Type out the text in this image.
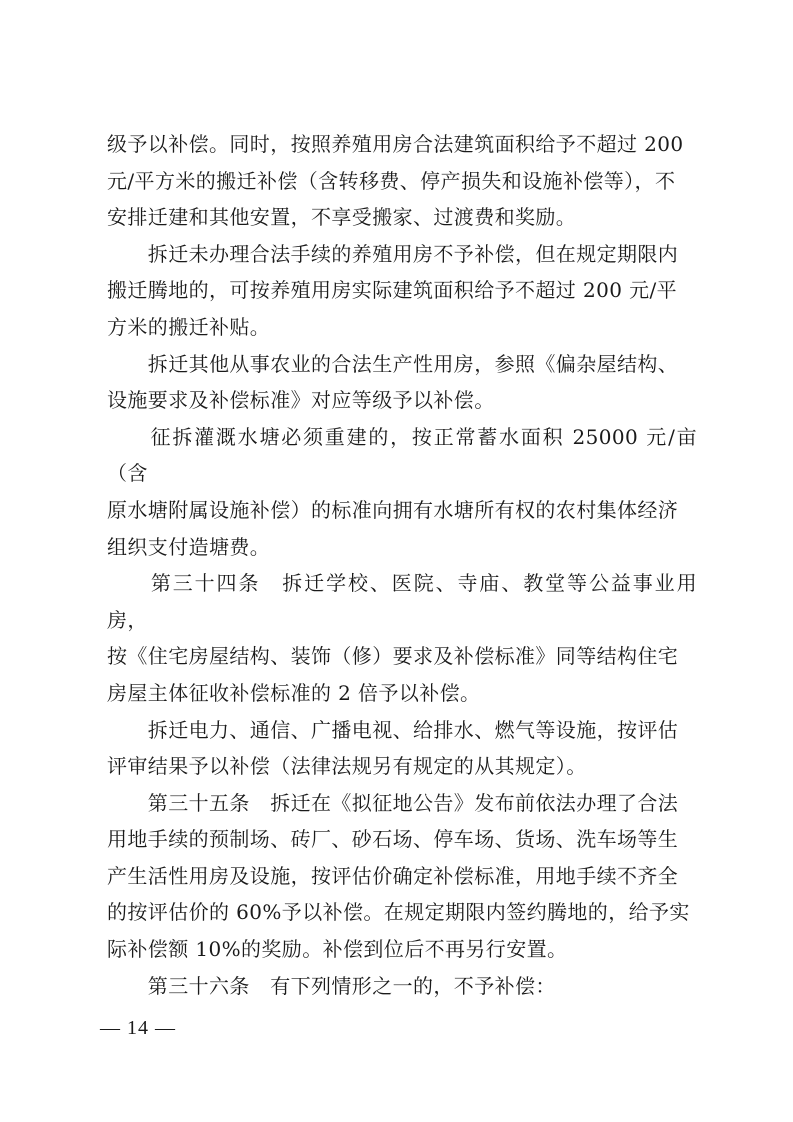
级予以补偿。同时，按照养殖用房合法建筑面积给予不超过 200
元/平方米的搬迁补偿（含转移费、停产损失和设施补偿等），不
安排迁建和其他安置，不享受搬家、过渡费和奖励。

　　拆迁未办理合法手续的养殖用房不予补偿，但在规定期限内
搬迁腾地的，可按养殖用房实际建筑面积给予不超过 200 元/平
方米的搬迁补贴。

　　拆迁其他从事农业的合法生产性用房，参照《偏杂屋结构、
设施要求及补偿标准》对应等级予以补偿。

　　征拆灌溉水塘必须重建的，按正常蓄水面积 25000 元/亩（含
原水塘附属设施补偿）的标准向拥有水塘所有权的农村集体经济
组织支付造塘费。

　　第三十四条　拆迁学校、医院、寺庙、教堂等公益事业用房，
按《住宅房屋结构、装饰（修）要求及补偿标准》同等结构住宅
房屋主体征收补偿标准的 2 倍予以补偿。

　　拆迁电力、通信、广播电视、给排水、燃气等设施，按评估
评审结果予以补偿（法律法规另有规定的从其规定）。

　　第三十五条　拆迁在《拟征地公告》发布前依法办理了合法
用地手续的预制场、砖厂、砂石场、停车场、货场、洗车场等生
产生活性用房及设施，按评估价确定补偿标准，用地手续不齐全
的按评估价的 60%予以补偿。在规定期限内签约腾地的，给予实
际补偿额 10%的奖励。补偿到位后不再另行安置。

　　第三十六条　有下列情形之一的，不予补偿：

— 14 —
